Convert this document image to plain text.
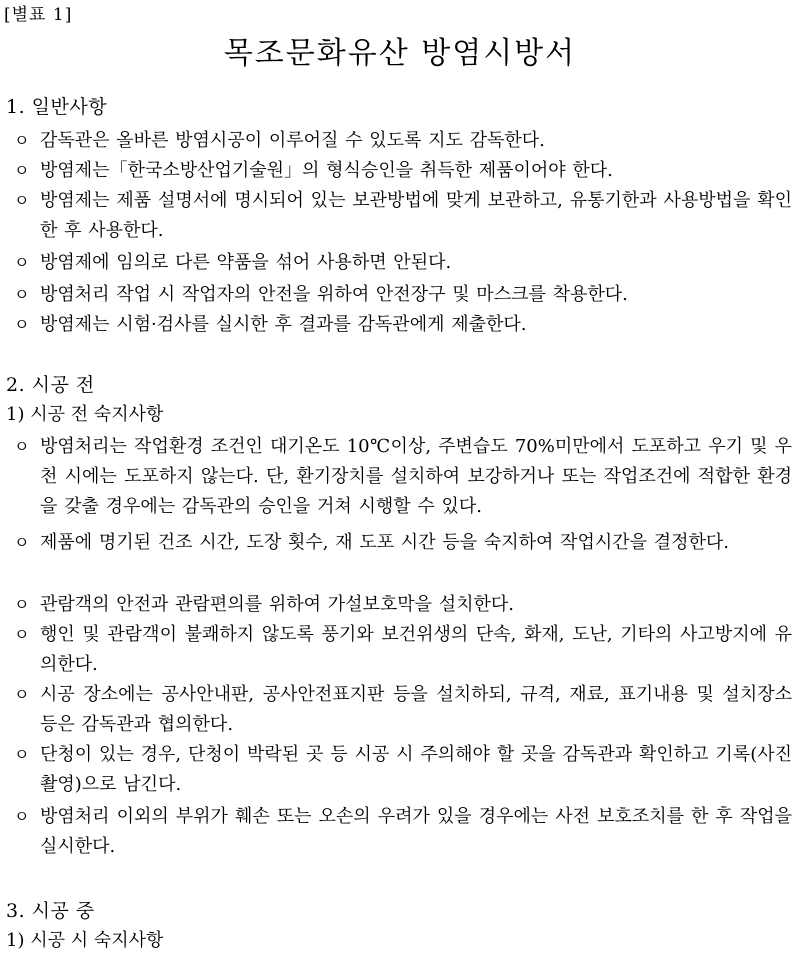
[별표 1]
목조문화유산 방염시방서
1. 일반사항
ㅇ 감독관은 올바른 방염시공이 이루어질 수 있도록 지도 감독한다.
ㅇ 방염제는「한국소방산업기술원」의 형식승인을 취득한 제품이어야 한다.
ㅇ 방염제는 제품 설명서에 명시되어 있는 보관방법에 맞게 보관하고, 유통기한과 사용방법을 확인한 후 사용한다.
ㅇ 방염제에 임의로 다른 약품을 섞어 사용하면 안된다.
ㅇ 방염처리 작업 시 작업자의 안전을 위하여 안전장구 및 마스크를 착용한다.
ㅇ 방염제는 시험·검사를 실시한 후 결과를 감독관에게 제출한다.
2. 시공 전
1) 시공 전 숙지사항
ㅇ 방염처리는 작업환경 조건인 대기온도 10℃이상, 주변습도 70%미만에서 도포하고 우기 및 우천 시에는 도포하지 않는다. 단, 환기장치를 설치하여 보강하거나 또는 작업조건에 적합한 환경을 갖출 경우에는 감독관의 승인을 거쳐 시행할 수 있다.
ㅇ 제품에 명기된 건조 시간, 도장 횟수, 재 도포 시간 등을 숙지하여 작업시간을 결정한다.
ㅇ 관람객의 안전과 관람편의를 위하여 가설보호막을 설치한다.
ㅇ 행인 및 관람객이 불쾌하지 않도록 풍기와 보건위생의 단속, 화재, 도난, 기타의 사고방지에 유의한다.
ㅇ 시공 장소에는 공사안내판, 공사안전표지판 등을 설치하되, 규격, 재료, 표기내용 및 설치장소 등은 감독관과 협의한다.
ㅇ 단청이 있는 경우, 단청이 박락된 곳 등 시공 시 주의해야 할 곳을 감독관과 확인하고 기록(사진촬영)으로 남긴다.
ㅇ 방염처리 이외의 부위가 훼손 또는 오손의 우려가 있을 경우에는 사전 보호조치를 한 후 작업을 실시한다.
3. 시공 중
1) 시공 시 숙지사항
